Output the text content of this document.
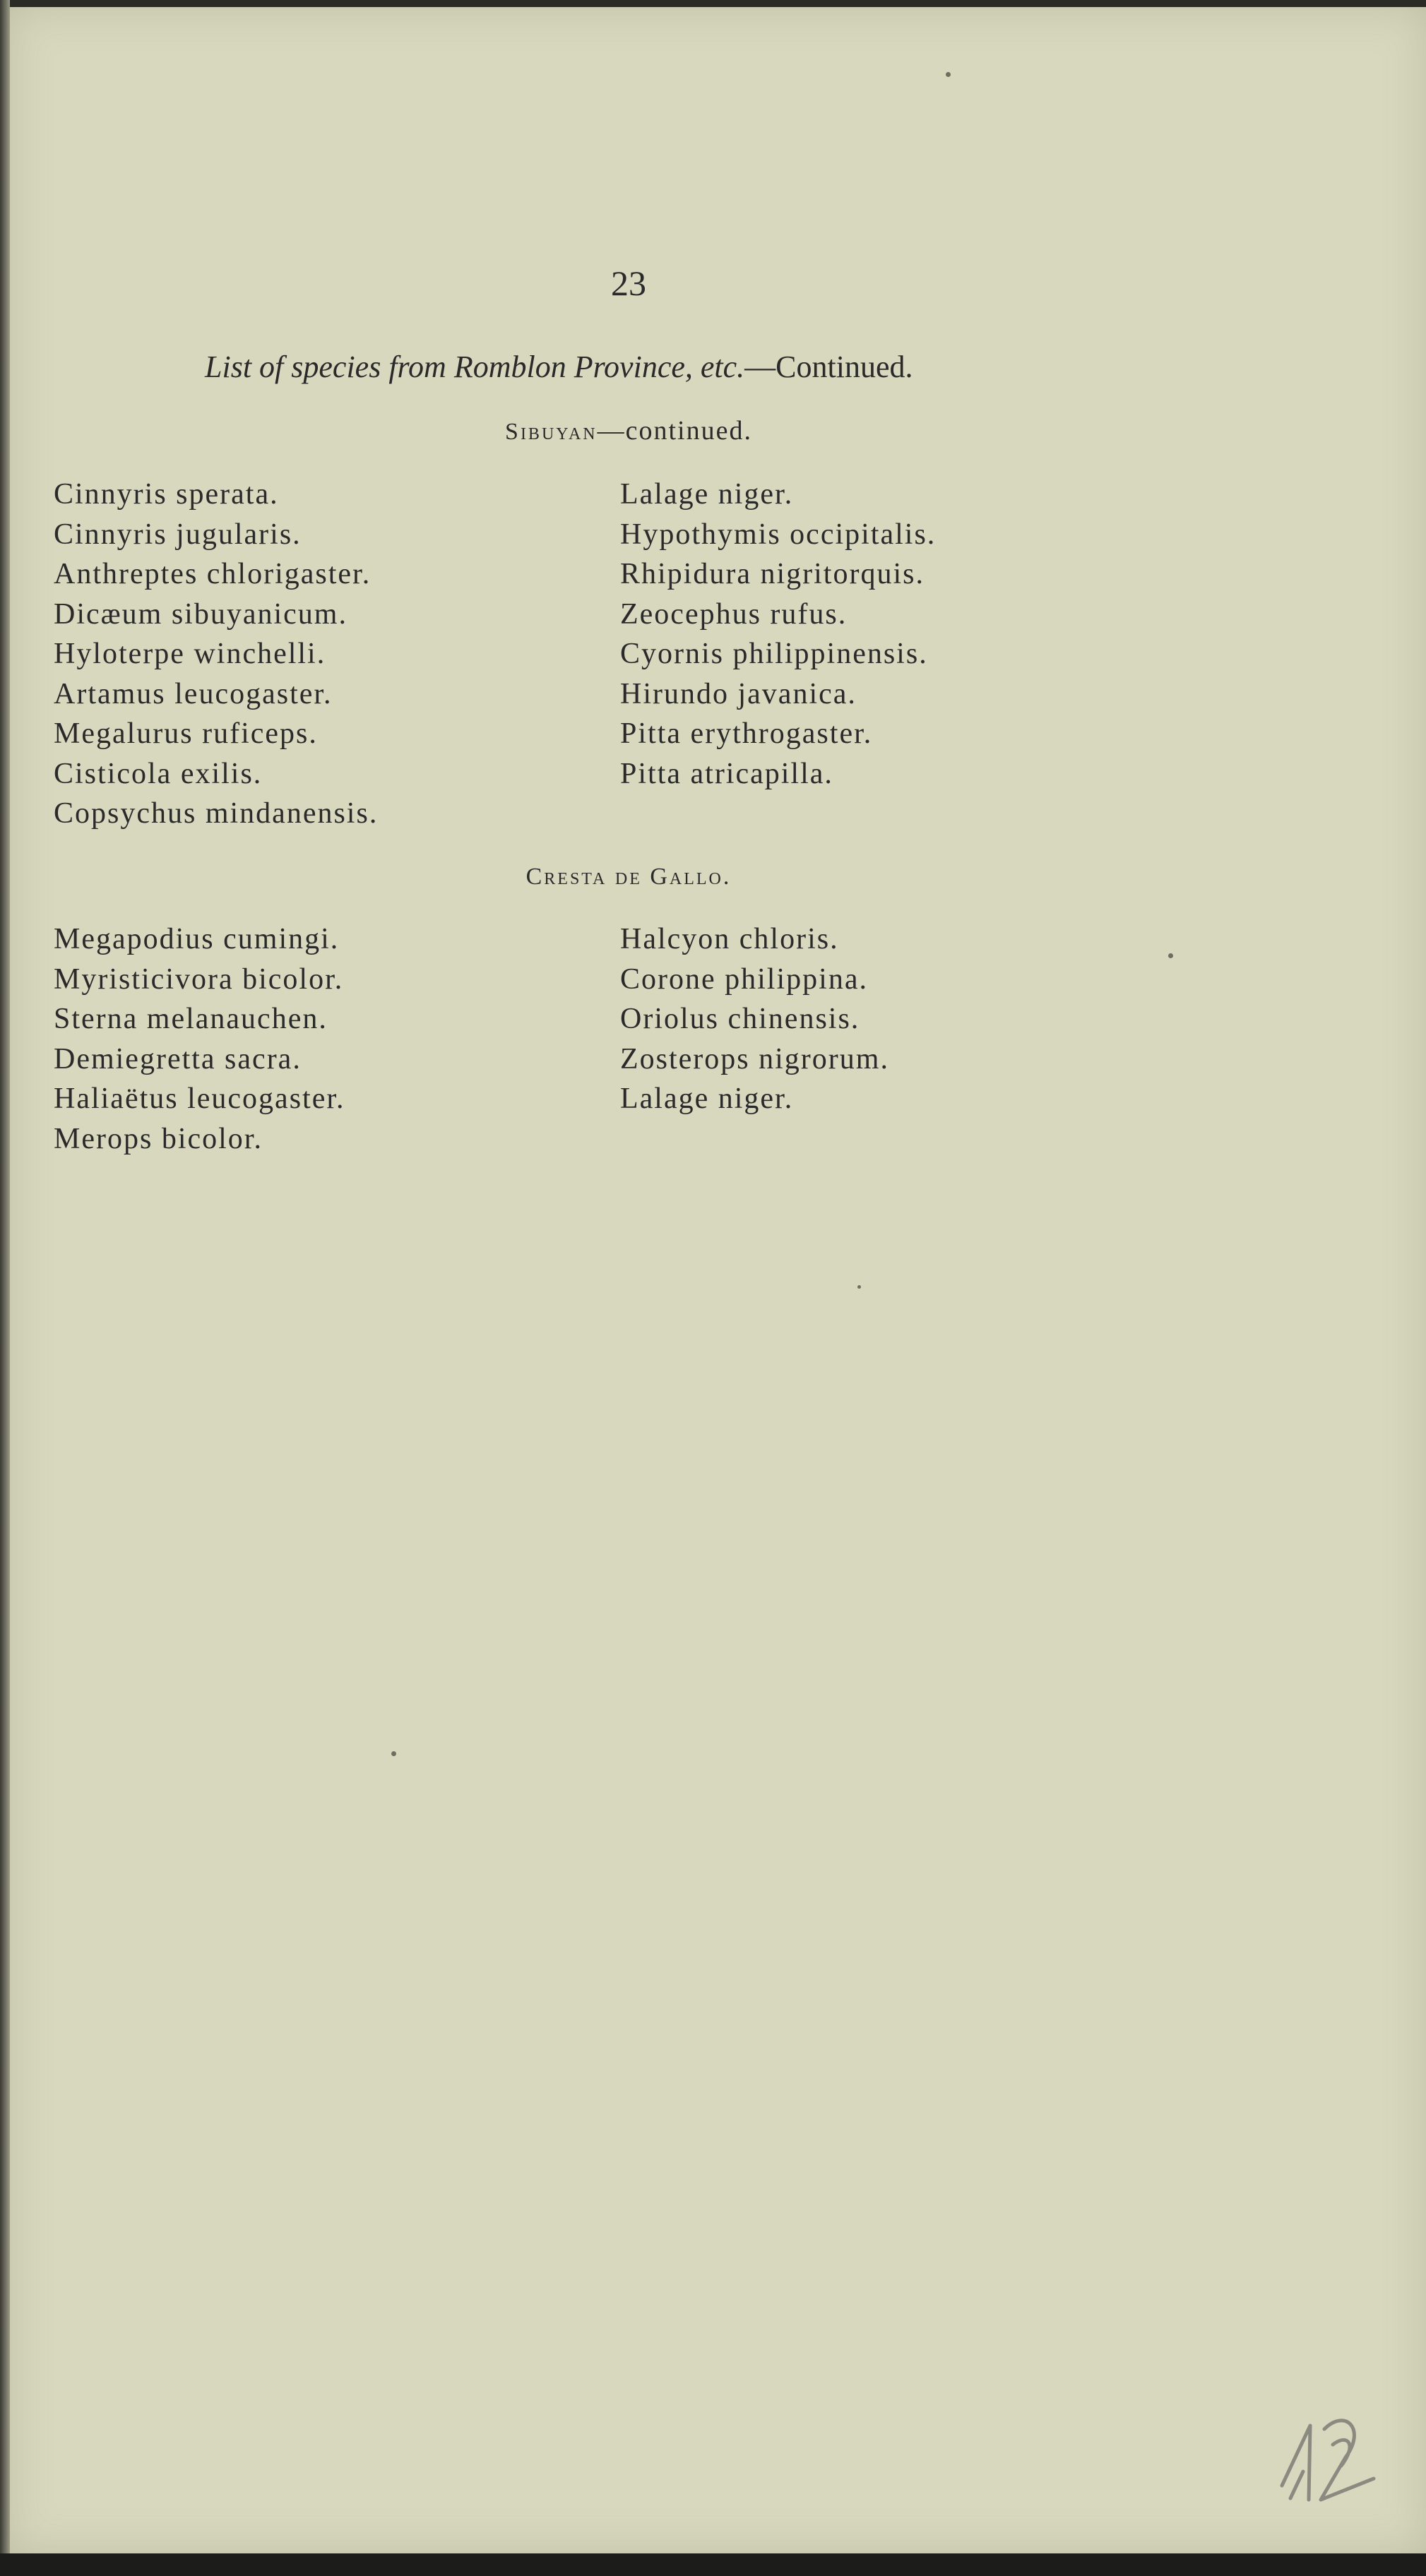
23
List of species from Romblon Province, etc.—Continued.
Sibuyan—continued.
Cinnyris sperata.
Cinnyris jugularis.
Anthreptes chlorigaster.
Dicæum sibuyanicum.
Hyloterpe winchelli.
Artamus leucogaster.
Megalurus ruficeps.
Cisticola exilis.
Copsychus mindanensis.
Lalage niger.
Hypothymis occipitalis.
Rhipidura nigritorquis.
Zeocephus rufus.
Cyornis philippinensis.
Hirundo javanica.
Pitta erythrogaster.
Pitta atricapilla.
Cresta de Gallo.
Megapodius cumingi.
Myristicivora bicolor.
Sterna melanauchen.
Demiegretta sacra.
Haliaëtus leucogaster.
Merops bicolor.
Halcyon chloris.
Corone philippina.
Oriolus chinensis.
Zosterops nigrorum.
Lalage niger.
